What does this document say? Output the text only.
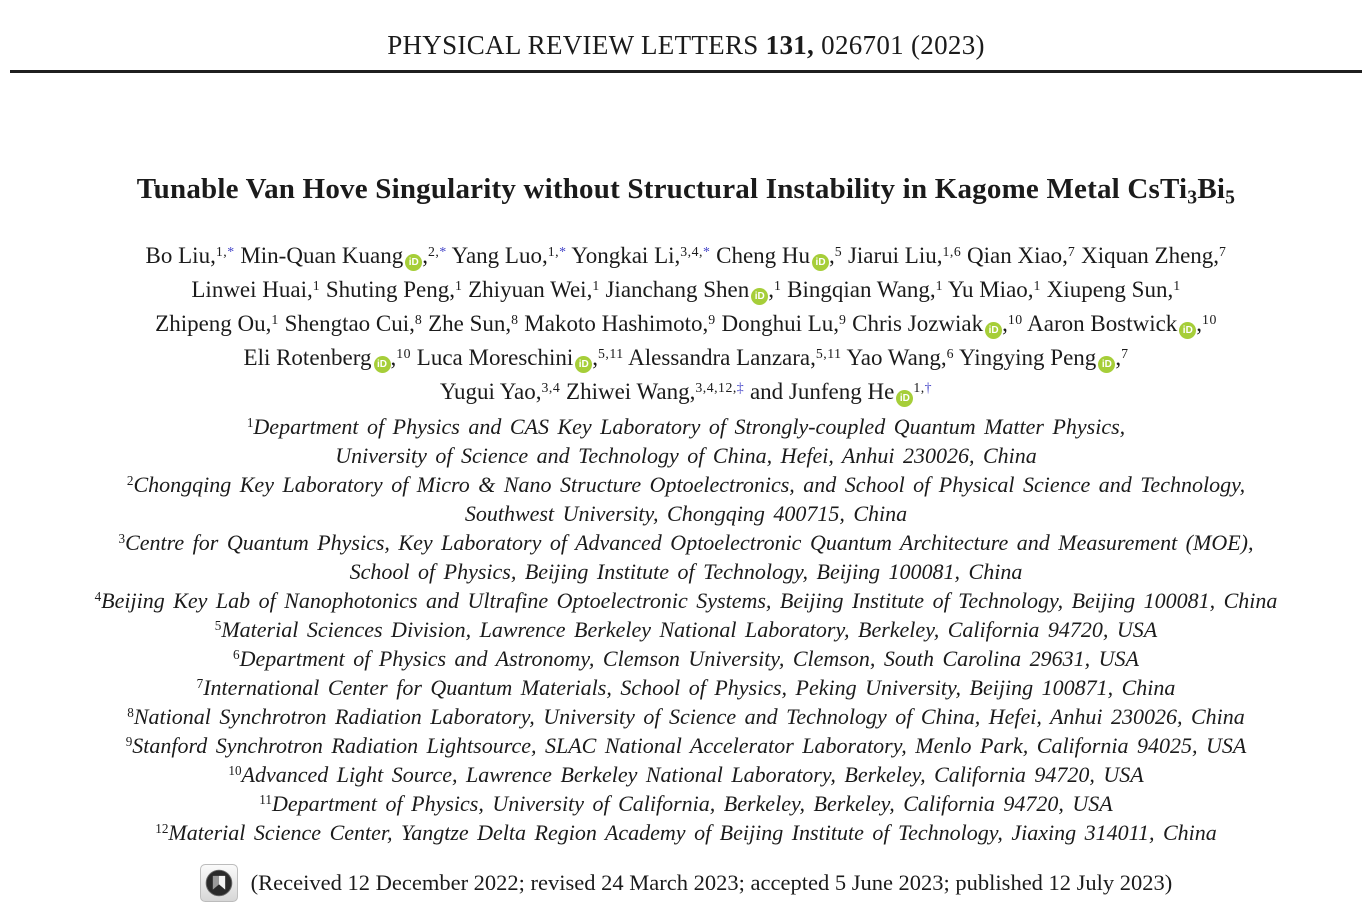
PHYSICAL REVIEW LETTERS 131, 026701 (2023)
Tunable Van Hove Singularity without Structural Instability in Kagome Metal $CsTi_3Bi_5$
Bo Liu,$^{1,*}$ Min-Quan Kuang iD ,$^{2,*}$ Yang Luo,$^{1,*}$ Yongkai Li,$^{3,4,*}$ Cheng Hu iD ,$^5$ Jiarui Liu,$^{1,6}$ Qian Xiao,$^7$ Xiquan Zheng,$^7$
Linwei Huai,$^1$ Shuting Peng,$^1$ Zhiyuan Wei,$^1$ Jianchang Shen iD ,$^1$ Bingqian Wang,$^1$ Yu Miao,$^1$ Xiupeng Sun,$^1$
Zhipeng Ou,$^1$ Shengtao Cui,$^8$ Zhe Sun,$^8$ Makoto Hashimoto,$^9$ Donghui Lu,$^9$ Chris Jozwiak iD ,$^{10}$ Aaron Bostwick iD ,$^{10}$
Eli Rotenberg iD ,$^{10}$ Luca Moreschini iD ,$^{5,11}$ Alessandra Lanzara,$^{5,11}$ Yao Wang,$^6$ Yingying Peng iD ,$^7$
Yugui Yao,$^{3,4}$ Zhiwei Wang,$^{3,4,12,\ddagger}$ and Junfeng He $iD^{1,\dagger}$
$^1$Department of Physics and CAS Key Laboratory of Strongly-coupled Quantum Matter Physics,
University of Science and Technology of China, Hefei, Anhui 230026, China
$^2$Chongqing Key Laboratory of Micro & Nano Structure Optoelectronics, and School of Physical Science and Technology,
Southwest University, Chongqing 400715, China
$^3$Centre for Quantum Physics, Key Laboratory of Advanced Optoelectronic Quantum Architecture and Measurement (MOE),
School of Physics, Beijing Institute of Technology, Beijing 100081, China
$^4$Beijing Key Lab of Nanophotonics and Ultrafine Optoelectronic Systems, Beijing Institute of Technology, Beijing 100081, China
$^5$Material Sciences Division, Lawrence Berkeley National Laboratory, Berkeley, California 94720, USA
$^6$Department of Physics and Astronomy, Clemson University, Clemson, South Carolina 29631, USA
$^7$International Center for Quantum Materials, School of Physics, Peking University, Beijing 100871, China
$^8$National Synchrotron Radiation Laboratory, University of Science and Technology of China, Hefei, Anhui 230026, China
$^9$Stanford Synchrotron Radiation Lightsource, SLAC National Accelerator Laboratory, Menlo Park, California 94025, USA
$^{10}$Advanced Light Source, Lawrence Berkeley National Laboratory, Berkeley, California 94720, USA
$^{11}$Department of Physics, University of California, Berkeley, Berkeley, California 94720, USA
$^{12}$Material Science Center, Yangtze Delta Region Academy of Beijing Institute of Technology, Jiaxing 314011, China
(Received 12 December 2022; revised 24 March 2023; accepted 5 June 2023; published 12 July 2023)
